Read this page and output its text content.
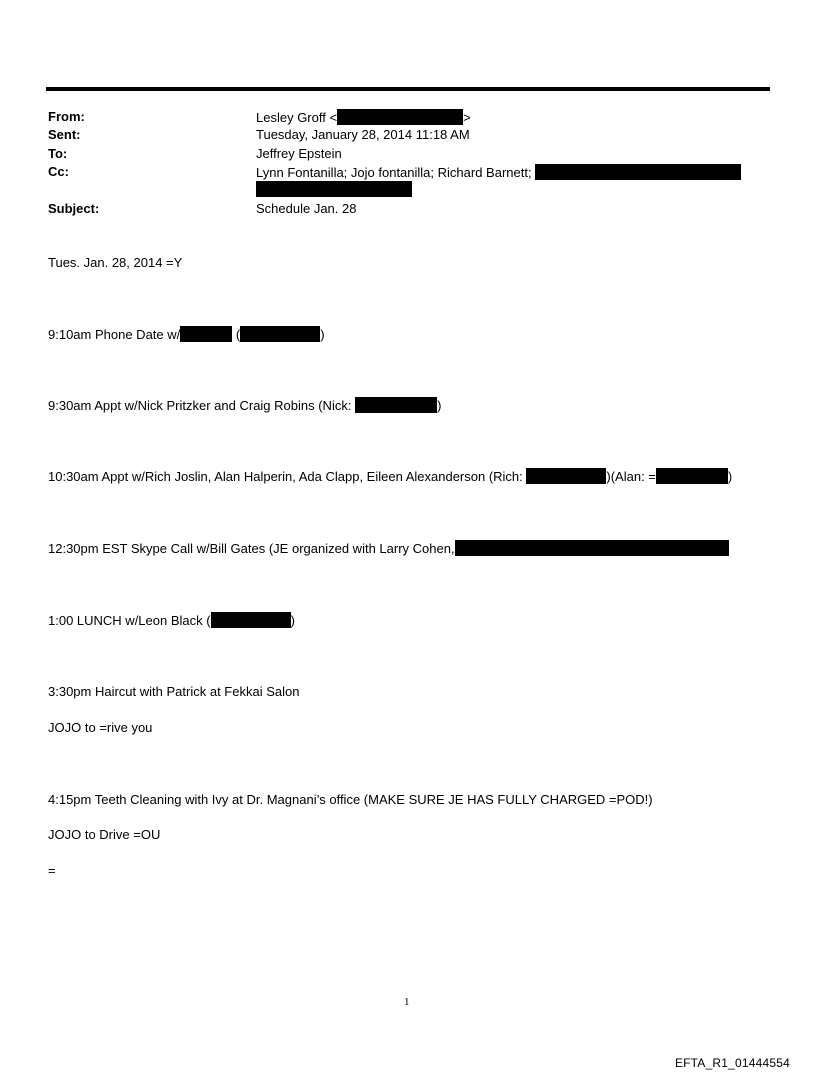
From:	Lesley Groff <	>
Sent:	Tuesday, January 28, 2014 11:18 AM
To:	Jeffrey Epstein
Cc:	Lynn Fontanilla; Jojo fontanilla; Richard Barnett;
Subject:	Schedule Jan. 28
Tues. Jan. 28, 2014 =Y
9:10am Phone Date w/	(	)
9:30am Appt w/Nick Pritzker and Craig Robins (Nick:	)
10:30am Appt w/Rich Joslin, Alan Halperin, Ada Clapp, Eileen Alexanderson (Rich:	)(Alan: =	)
12:30pm EST Skype Call w/Bill Gates (JE organized with Larry Cohen,
1:00 LUNCH w/Leon Black (	)
3:30pm Haircut with Patrick at Fekkai Salon
JOJO to =rive you
4:15pm Teeth Cleaning with Ivy at Dr. Magnani’s office (MAKE SURE JE HAS FULLY CHARGED =POD!)
JOJO to Drive =OU
=
1
EFTA_R1_01444554
